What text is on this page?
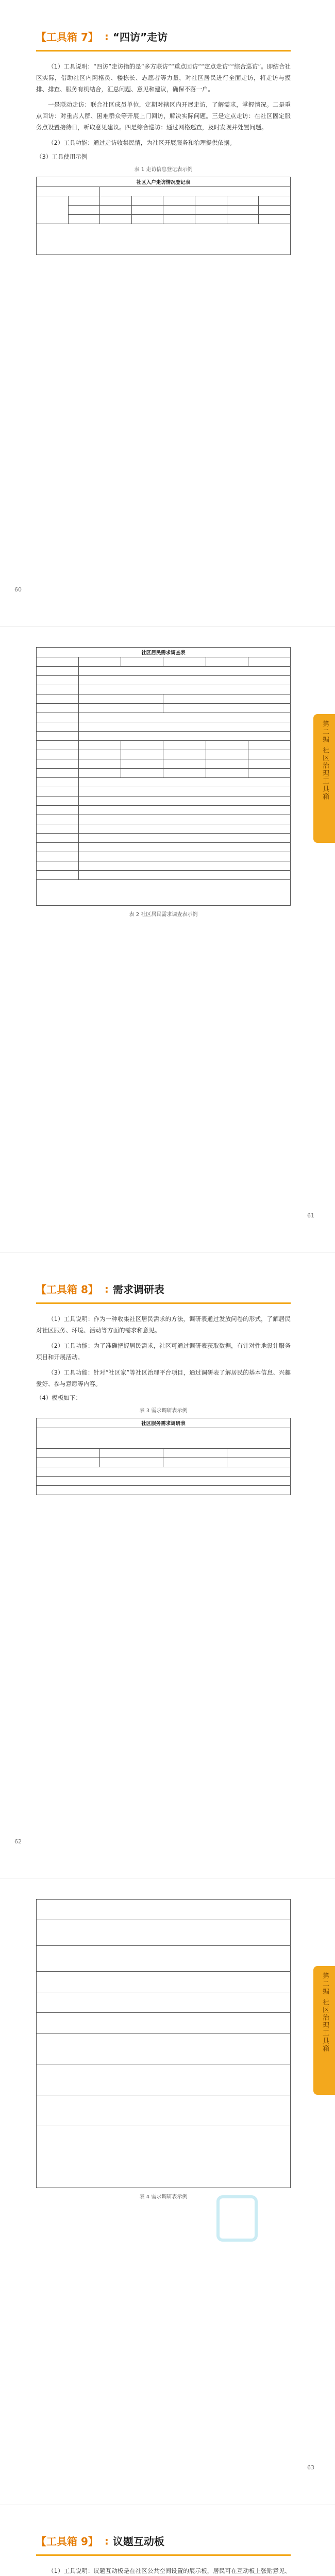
【工具箱 7】 : “四访”走访

（1）工具说明：“四访”走访指的是“多方联访”“重点回访”“定点走访”“综合巡访”。即结合社区实际，借助社区内网格员、楼栋长、志愿者等力量，对社区居民进行全面走访，将走访与摸排、排查、服务有机结合，汇总问题、意见和建议，确保不落一户。

一是联动走访：联合社区成员单位，定期对辖区内开展走访，了解需求，掌握情况。二是重点回访：对重点人群、困难群众等开展上门回访，解决实际问题。三是定点走访：在社区固定服务点设置接待日，听取意见建议。四是综合巡访：通过网格巡查，及时发现并处置问题。

（2）工具功能：通过走访收集民情，为社区开展服务和治理提供依据。

（3）工具使用示例

表 1 走访信息登记表示例
社区入户走访情况登记表							

60
第二编 社区治理工具箱
社区居民需求调查表					

表 2 社区居民需求调查表示例
61
【工具箱 8】 : 需求调研表

（1）工具说明：作为一种收集社区居民需求的方法，调研表通过发放问卷的形式，了解居民对社区服务、环境、活动等方面的需求和意见。

（2）工具功能：为了准确把握居民需求，社区可通过调研表获取数据，有针对性地设计服务项目和开展活动。

（3）工具功能：针对“社区家”等社区治理平台项目，通过调研表了解居民的基本信息、兴趣爱好、参与意愿等内容。

（4）模板如下：

表 3 需求调研表示例
社区服务需求调研表			

62
第二编 社区治理工具箱

表 4 需求调研表示例
63
【工具箱 9】 : 议题互动板

（1）工具说明：议题互动板是在社区公共空间设置的展示板，居民可在互动板上张贴意见、
